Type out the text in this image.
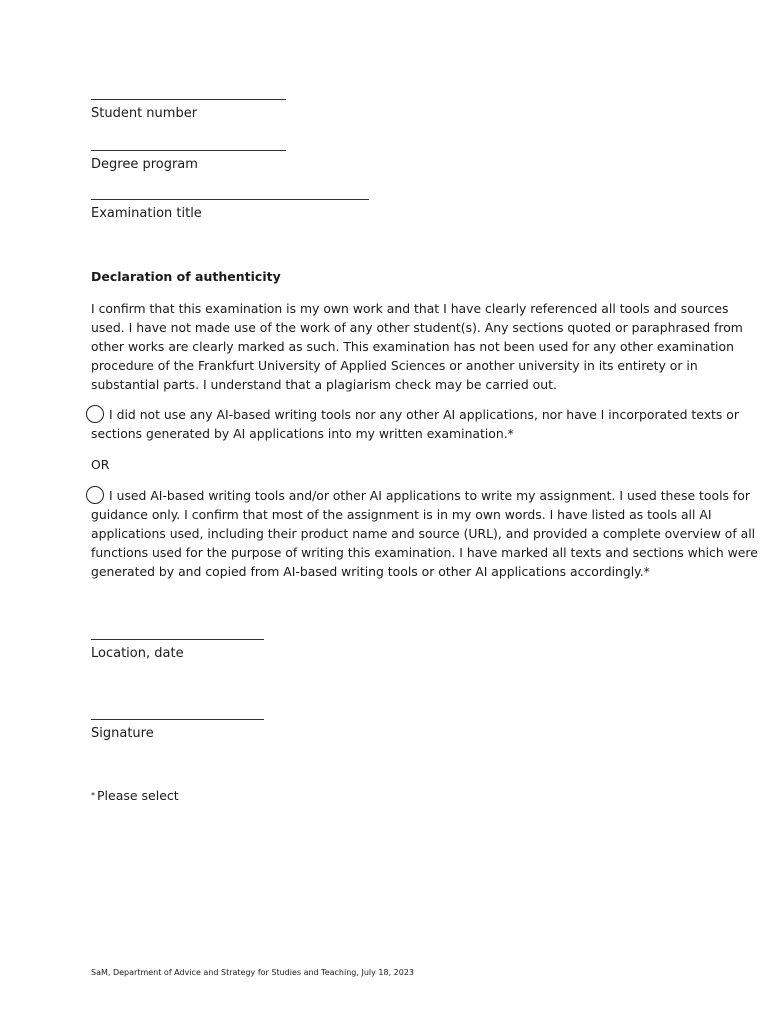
Student number
Degree program
Examination title
Declaration of authenticity

I confirm that this examination is my own work and that I have clearly referenced all tools and sources
used. I have not made use of the work of any other student(s). Any sections quoted or paraphrased from
other works are clearly marked as such. This examination has not been used for any other examination
procedure of the Frankfurt University of Applied Sciences or another university in its entirety or in
substantial parts. I understand that a plagiarism check may be carried out.

I did not use any AI-based writing tools nor any other AI applications, nor have I incorporated texts or
sections generated by AI applications into my written examination.*
OR
I used AI-based writing tools and/or other AI applications to write my assignment. I used these tools for
guidance only. I confirm that most of the assignment is in my own words. I have listed as tools all AI
applications used, including their product name and source (URL), and provided a complete overview of all
functions used for the purpose of writing this examination. I have marked all texts and sections which were
generated by and copied from AI-based writing tools or other AI applications accordingly.*
Location, date
Signature
* Please select
SaM, Department of Advice and Strategy for Studies and Teaching, July 18, 2023
